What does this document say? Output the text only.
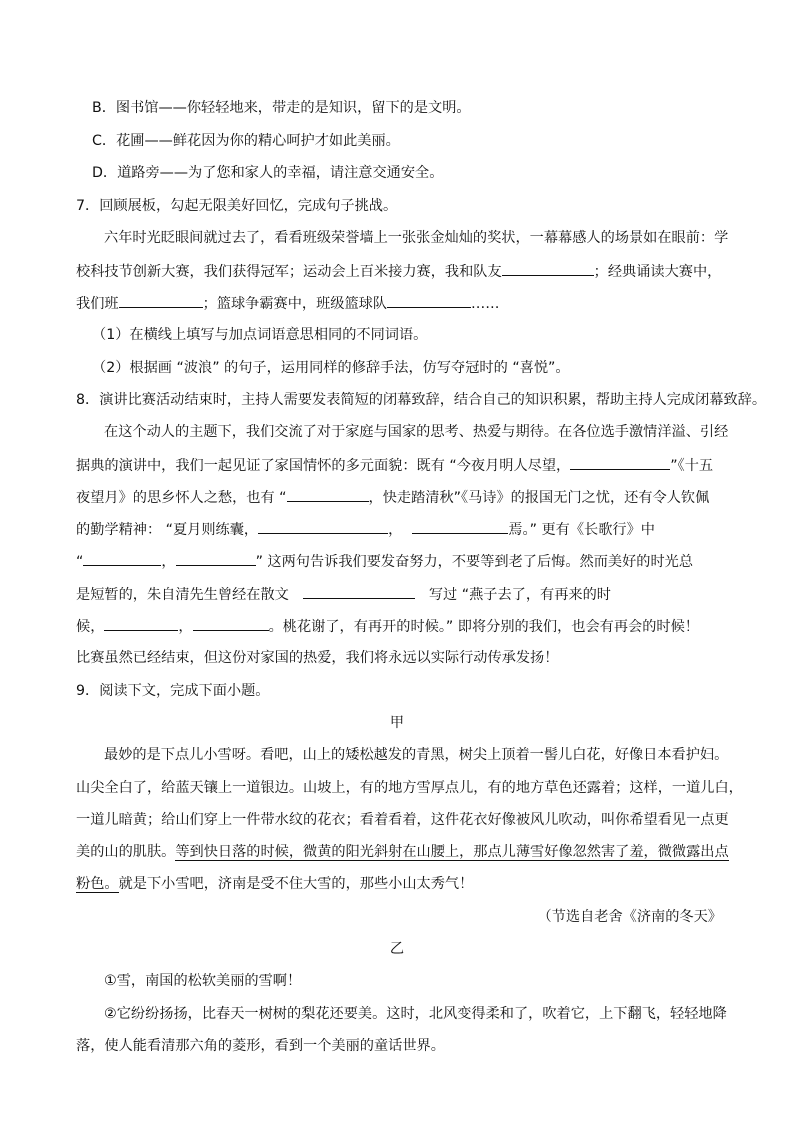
B．图书馆——你轻轻地来，带走的是知识，留下的是文明。
C．花圃——鲜花因为你的精心呵护才如此美丽。
D．道路旁——为了您和家人的幸福，请注意交通安全。
7．回顾展板，勾起无限美好回忆，完成句子挑战。
六年时光眨眼间就过去了，看看班级荣誉墙上一张张金灿灿的奖状，一幕幕感人的场景如在眼前：学
校科技节创新大赛，我们获得冠军；运动会上百米接力赛，我和队友	；经典诵读大赛中，
我们班	；篮球争霸赛中，班级篮球队	……
（1）在横线上填写与加点词语意思相同的不同词语。
（2）根据画 “波浪” 的句子，运用同样的修辞手法，仿写夺冠时的 “喜悦”。
8．演讲比赛活动结束时，主持人需要发表简短的闭幕致辞，结合自己的知识积累，帮助主持人完成闭幕致辞。
在这个动人的主题下，我们交流了对于家庭与国家的思考、热爱与期待。在各位选手激情洋溢、引经
据典的演讲中，我们一起见证了家国情怀的多元面貌：既有 “今夜月明人尽望，	”《十五
夜望月》的思乡怀人之愁，也有 “	，快走踏清秋”《马诗》的报国无门之忧，还有令人钦佩
的勤学精神： “夏月则练囊，	，	焉。” 更有《长歌行》中
“	，	” 这两句告诉我们要发奋努力，不要等到老了后悔。然而美好的时光总
是短暂的，朱自清先生曾经在散文	写过 “燕子去了，有再来的时
候，	，	。桃花谢了，有再开的时候。” 即将分别的我们，也会有再会的时候！
比赛虽然已经结束，但这份对家国的热爱，我们将永远以实际行动传承发扬！
9．阅读下文，完成下面小题。
甲
最妙的是下点儿小雪呀。看吧，山上的矮松越发的青黑，树尖上顶着一髻儿白花，好像日本看护妇。
山尖全白了，给蓝天镶上一道银边。山坡上，有的地方雪厚点儿，有的地方草色还露着；这样，一道儿白，
一道儿暗黄；给山们穿上一件带水纹的花衣；看着看着，这件花衣好像被风儿吹动，叫你希望看见一点更
美的山的肌肤。等到快日落的时候，微黄的阳光斜射在山腰上，那点儿薄雪好像忽然害了羞，微微露出点
粉色。就是下小雪吧，济南是受不住大雪的，那些小山太秀气！
（节选自老舍《济南的冬天》
乙
①雪，南国的松软美丽的雪啊！
②它纷纷扬扬，比春天一树树的梨花还要美。这时，北风变得柔和了，吹着它，上下翻飞，轻轻地降
落，使人能看清那六角的菱形，看到一个美丽的童话世界。
